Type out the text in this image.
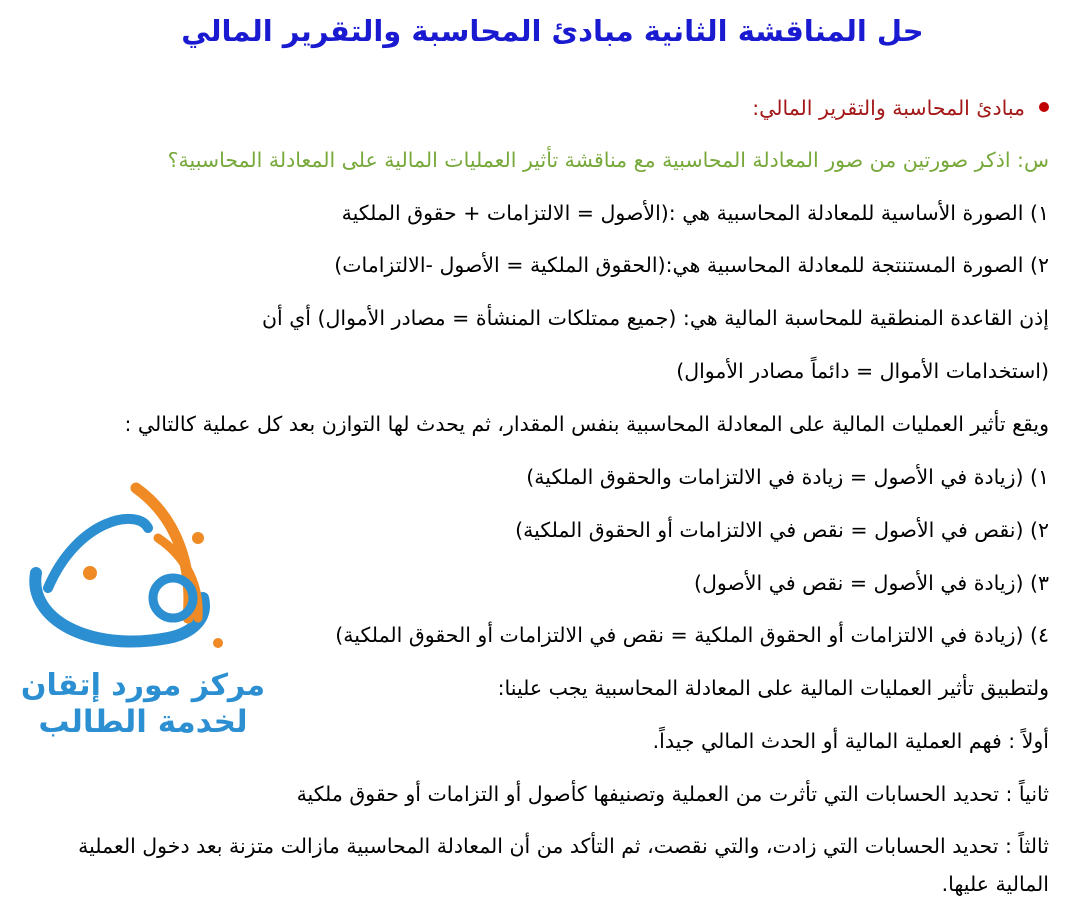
حل المناقشة الثانية مبادئ المحاسبة والتقرير المالي
مبادئ المحاسبة والتقرير المالي:
س: اذكر صورتين من صور المعادلة المحاسبية مع مناقشة تأثير العمليات المالية على المعادلة المحاسبية؟
١) الصورة الأساسية للمعادلة المحاسبية هي :(الأصول = الالتزامات + حقوق الملكية
٢) الصورة المستنتجة للمعادلة المحاسبية هي:(الحقوق الملكية = الأصول -الالتزامات)
إذن القاعدة المنطقية للمحاسبة المالية هي: (جميع ممتلكات المنشأة = مصادر الأموال) أي أن
(استخدامات الأموال = دائماً مصادر الأموال)
ويقع تأثير العمليات المالية على المعادلة المحاسبية بنفس المقدار، ثم يحدث لها التوازن بعد كل عملية كالتالي :
١) (زيادة في الأصول = زيادة في الالتزامات والحقوق الملكية)
٢) (نقص في الأصول = نقص في الالتزامات أو الحقوق الملكية)
٣) (زيادة في الأصول = نقص في الأصول)
٤) (زيادة في الالتزامات أو الحقوق الملكية = نقص في الالتزامات أو الحقوق الملكية)
ولتطبيق تأثير العمليات المالية على المعادلة المحاسبية يجب علينا:
أولاً : فهم العملية المالية أو الحدث المالي جيداً.
ثانياً : تحديد الحسابات التي تأثرت من العملية وتصنيفها كأصول أو التزامات أو حقوق ملكية
ثالثاً : تحديد الحسابات التي زادت، والتي نقصت، ثم التأكد من أن المعادلة المحاسبية مازالت متزنة بعد دخول العملية المالية عليها.
مركز مورد إتقان
لخدمة الطالب
